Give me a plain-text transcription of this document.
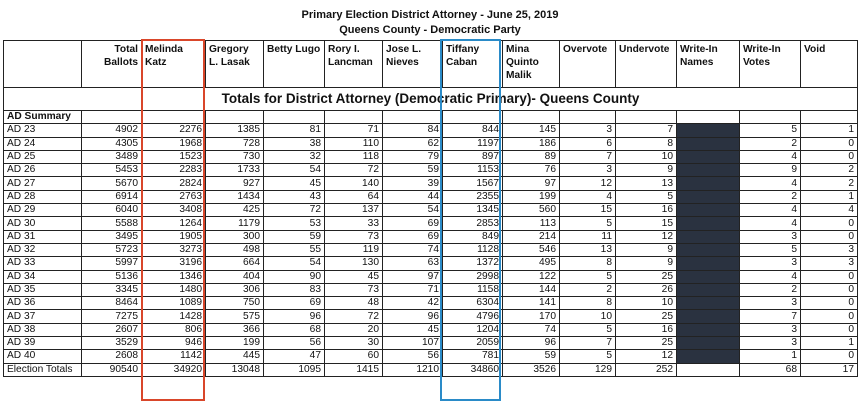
Primary Election District Attorney - June 25, 2019
Queens County - Democratic Party
	Total Ballots	Melinda Katz	Gregory L. Lasak	Betty Lugo	Rory I. Lancman	Jose L. Nieves	Tiffany Caban	Mina Quinto Malik	Overvote	Undervote	Write-In Names	Write-In Votes	Void
Totals for District Attorney (Democratic Primary)- Queens County													
AD Summary													
AD 23	4902	2276	1385	81	71	84	844	145	3	7		5	1
AD 24	4305	1968	728	38	110	62	1197	186	6	8		2	0
AD 25	3489	1523	730	32	118	79	897	89	7	10		4	0
AD 26	5453	2283	1733	54	72	59	1153	76	3	9		9	2
AD 27	5670	2824	927	45	140	39	1567	97	12	13		4	2
AD 28	6914	2763	1434	43	64	44	2355	199	4	5		2	1
AD 29	6040	3408	425	72	137	54	1345	560	15	16		4	4
AD 30	5588	1264	1179	53	33	69	2853	113	5	15		4	0
AD 31	3495	1905	300	59	73	69	849	214	11	12		3	0
AD 32	5723	3273	498	55	119	74	1128	546	13	9		5	3
AD 33	5997	3196	664	54	130	63	1372	495	8	9		3	3
AD 34	5136	1346	404	90	45	97	2998	122	5	25		4	0
AD 35	3345	1480	306	83	73	71	1158	144	2	26		2	0
AD 36	8464	1089	750	69	48	42	6304	141	8	10		3	0
AD 37	7275	1428	575	96	72	96	4796	170	10	25		7	0
AD 38	2607	806	366	68	20	45	1204	74	5	16		3	0
AD 39	3529	946	199	56	30	107	2059	96	7	25		3	1
AD 40	2608	1142	445	47	60	56	781	59	5	12		1	0
Election Totals	90540	34920	13048	1095	1415	1210	34860	3526	129	252		68	17
